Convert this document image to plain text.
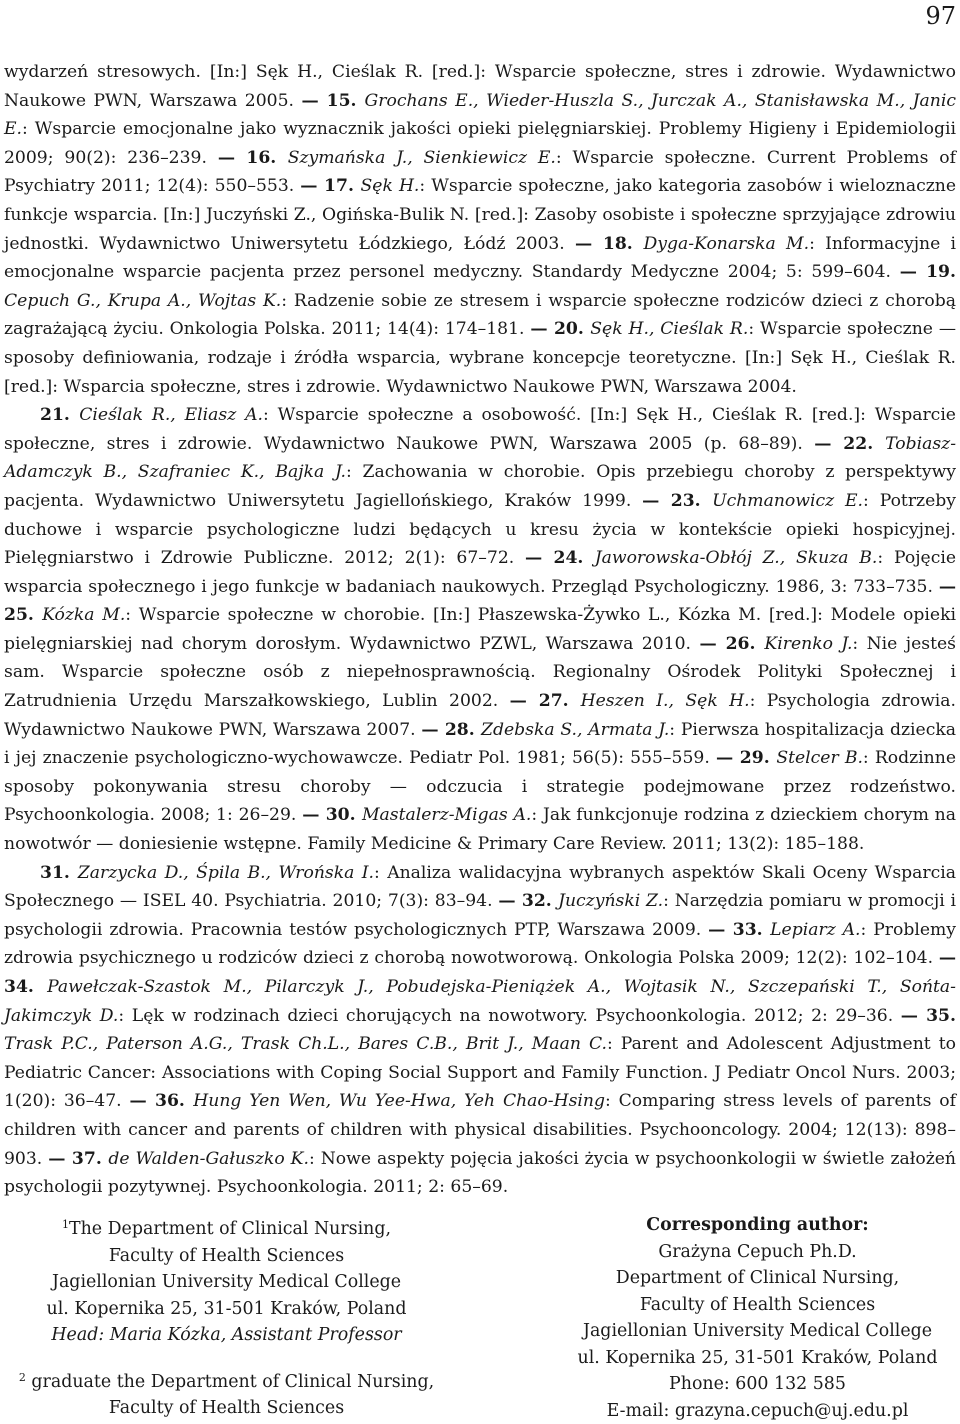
97

wydarzeń stresowych. [In:] Sęk H., Cieślak R. [red.]: Wsparcie społeczne, stres i zdrowie. Wydawnictwo Naukowe PWN, Warszawa 2005. — 15. Grochans E., Wieder-Huszla S., Jurczak A., Stanisławska M., Janic E.: Wsparcie emocjonalne jako wyznacznik jakości opieki pielęgniarskiej. Problemy Higieny i Epidemiologii 2009; 90(2): 236–239. — 16. Szymańska J., Sienkiewicz E.: Wsparcie społeczne. Current Problems of Psychiatry 2011; 12(4): 550–553. — 17. Sęk H.: Wsparcie społeczne, jako kategoria zasobów i wieloznaczne funkcje wsparcia. [In:] Juczyński Z., Ogińska-Bulik N. [red.]: Zasoby osobiste i społeczne sprzyjające zdrowiu jednostki. Wydawnictwo Uniwersytetu Łódzkiego, Łódź 2003. — 18. Dyga-Konarska M.: Informacyjne i emocjonalne wsparcie pacjenta przez personel medyczny. Standardy Medyczne 2004; 5: 599–604. — 19. Cepuch G., Krupa A., Wojtas K.: Radzenie sobie ze stresem i wsparcie społeczne rodziców dzieci z chorobą zagrażającą życiu. Onkologia Polska. 2011; 14(4): 174–181. — 20. Sęk H., Cieślak R.: Wsparcie społeczne — sposoby definiowania, rodzaje i źródła wsparcia, wybrane koncepcje teoretyczne. [In:] Sęk H., Cieślak R. [red.]: Wsparcia społeczne, stres i zdrowie. Wydawnictwo Naukowe PWN, Warszawa 2004.

21. Cieślak R., Eliasz A.: Wsparcie społeczne a osobowość. [In:] Sęk H., Cieślak R. [red.]: Wsparcie społeczne, stres i zdrowie. Wydawnictwo Naukowe PWN, Warszawa 2005 (p. 68–89). — 22. Tobiasz-Adamczyk B., Szafraniec K., Bajka J.: Zachowania w chorobie. Opis przebiegu choroby z perspektywy pacjenta. Wydawnictwo Uniwersytetu Jagiellońskiego, Kraków 1999. — 23. Uchmanowicz E.: Potrzeby duchowe i wsparcie psychologiczne ludzi będących u kresu życia w kontekście opieki hospicyjnej. Pielęgniarstwo i Zdrowie Publiczne. 2012; 2(1): 67–72. — 24. Jaworowska-Obłój Z., Skuza B.: Pojęcie wsparcia społecznego i jego funkcje w badaniach naukowych. Przegląd Psychologiczny. 1986, 3: 733–735. — 25. Kózka M.: Wsparcie społeczne w chorobie. [In:] Płaszewska-Żywko L., Kózka M. [red.]: Modele opieki pielęgniarskiej nad chorym dorosłym. Wydawnictwo PZWL, Warszawa 2010. — 26. Kirenko J.: Nie jesteś sam. Wsparcie społeczne osób z niepełnosprawnością. Regionalny Ośrodek Polityki Społecznej i Zatrudnienia Urzędu Marszałkowskiego, Lublin 2002. — 27. Heszen I., Sęk H.: Psychologia zdrowia. Wydawnictwo Naukowe PWN, Warszawa 2007. — 28. Zdebska S., Armata J.: Pierwsza hospitalizacja dziecka i jej znaczenie psychologiczno-wychowawcze. Pediatr Pol. 1981; 56(5): 555–559. — 29. Stelcer B.: Rodzinne sposoby pokonywania stresu choroby — odczucia i strategie podejmowane przez rodzeństwo. Psychoonkologia. 2008; 1: 26–29. — 30. Mastalerz-Migas A.: Jak funkcjonuje rodzina z dzieckiem chorym na nowotwór — doniesienie wstępne. Family Medicine & Primary Care Review. 2011; 13(2): 185–188.

31. Zarzycka D., Śpila B., Wrońska I.: Analiza walidacyjna wybranych aspektów Skali Oceny Wsparcia Społecznego — ISEL 40. Psychiatria. 2010; 7(3): 83–94. — 32. Juczyński Z.: Narzędzia pomiaru w promocji i psychologii zdrowia. Pracownia testów psychologicznych PTP, Warszawa 2009. — 33. Lepiarz A.: Problemy zdrowia psychicznego u rodziców dzieci z chorobą nowotworową. Onkologia Polska 2009; 12(2): 102–104. — 34. Pawełczak-Szastok M., Pilarczyk J., Pobudejska-Pieniążek A., Wojtasik N., Szczepański T., Sońta-Jakimczyk D.: Lęk w rodzinach dzieci chorujących na nowotwory. Psychoonkologia. 2012; 2: 29–36. — 35. Trask P.C., Paterson A.G., Trask Ch.L., Bares C.B., Brit J., Maan C.: Parent and Adolescent Adjustment to Pediatric Cancer: Associations with Coping Social Support and Family Function. J Pediatr Oncol Nurs. 2003; 1(20): 36–47. — 36. Hung Yen Wen, Wu Yee-Hwa, Yeh Chao-Hsing: Comparing stress levels of parents of children with cancer and parents of children with physical disabilities. Psychooncology. 2004; 12(13): 898–903. — 37. de Walden-Gałuszko K.: Nowe aspekty pojęcia jakości życia w psychoonkologii w świetle założeń psychologii pozytywnej. Psychoonkologia. 2011; 2: 65–69.

$^1$The Department of Clinical Nursing,

Faculty of Health Sciences

Jagiellonian University Medical College

ul. Kopernika 25, 31-501 Kraków, Poland

Head: Maria Kózka, Assistant Professor

$^2$ graduate the Department of Clinical Nursing,

Faculty of Health Sciences

Corresponding author:

Grażyna Cepuch Ph.D.

Department of Clinical Nursing,

Faculty of Health Sciences

Jagiellonian University Medical College

ul. Kopernika 25, 31-501 Kraków, Poland

Phone: 600 132 585

E-mail: grazyna.cepuch@uj.edu.pl
